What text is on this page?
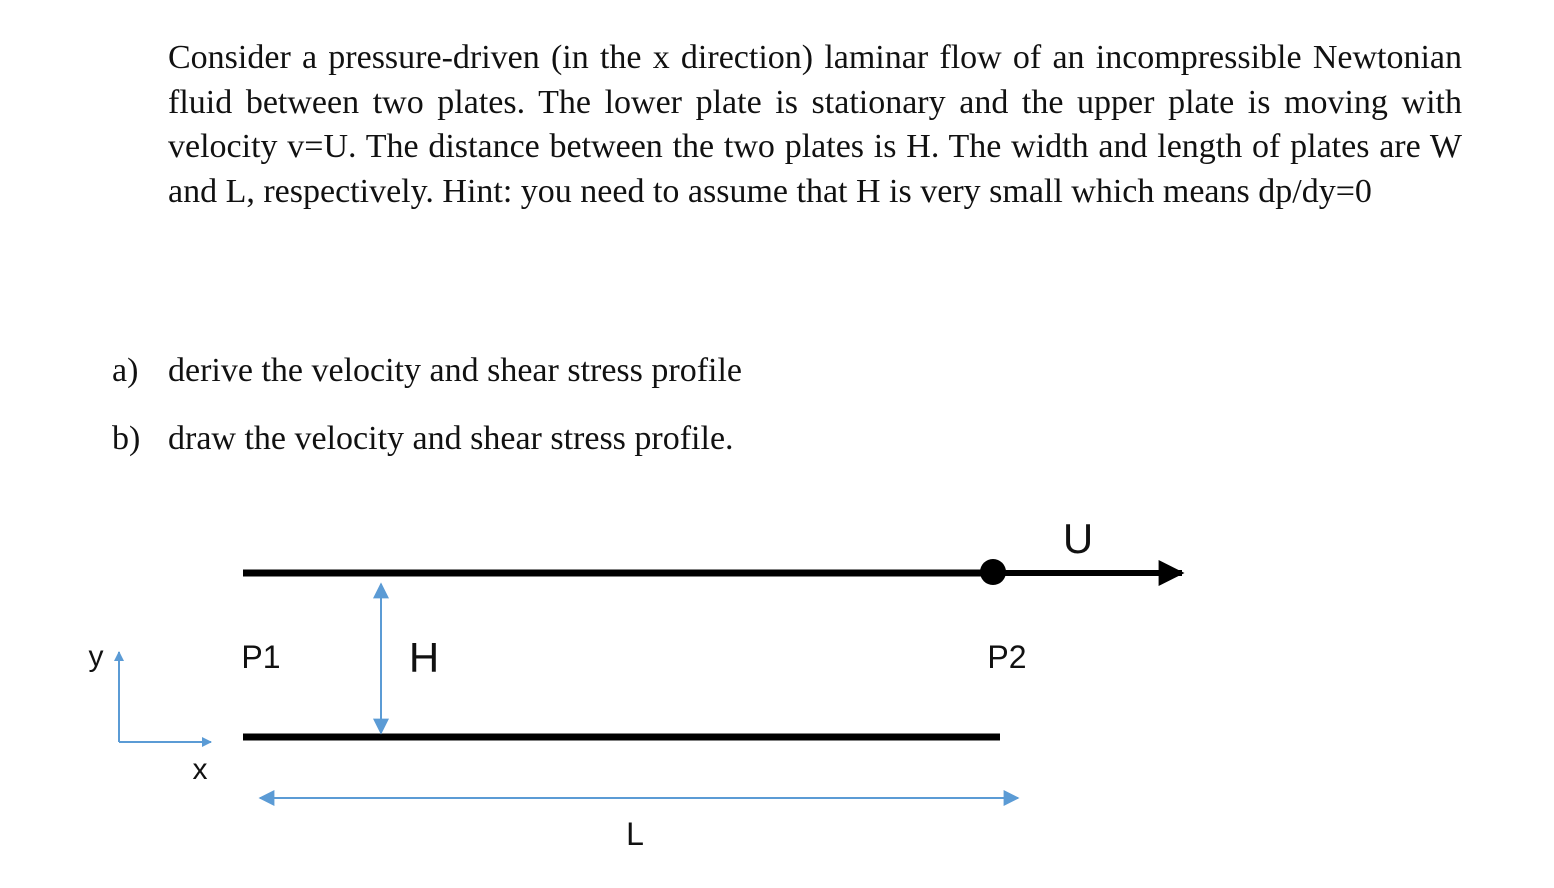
Consider a pressure-driven (in the x direction) laminar flow of an incompressible Newtonian fluid between two plates. The lower plate is stationary and the upper plate is moving with velocity v=U. The distance between the two plates is H. The width and length of plates are W and L, respectively. Hint: you need to assume that H is very small which means dp/dy=0
a) derive the velocity and shear stress profile
b) draw the velocity and shear stress profile.
U
H
P1	P2
L
y
x
